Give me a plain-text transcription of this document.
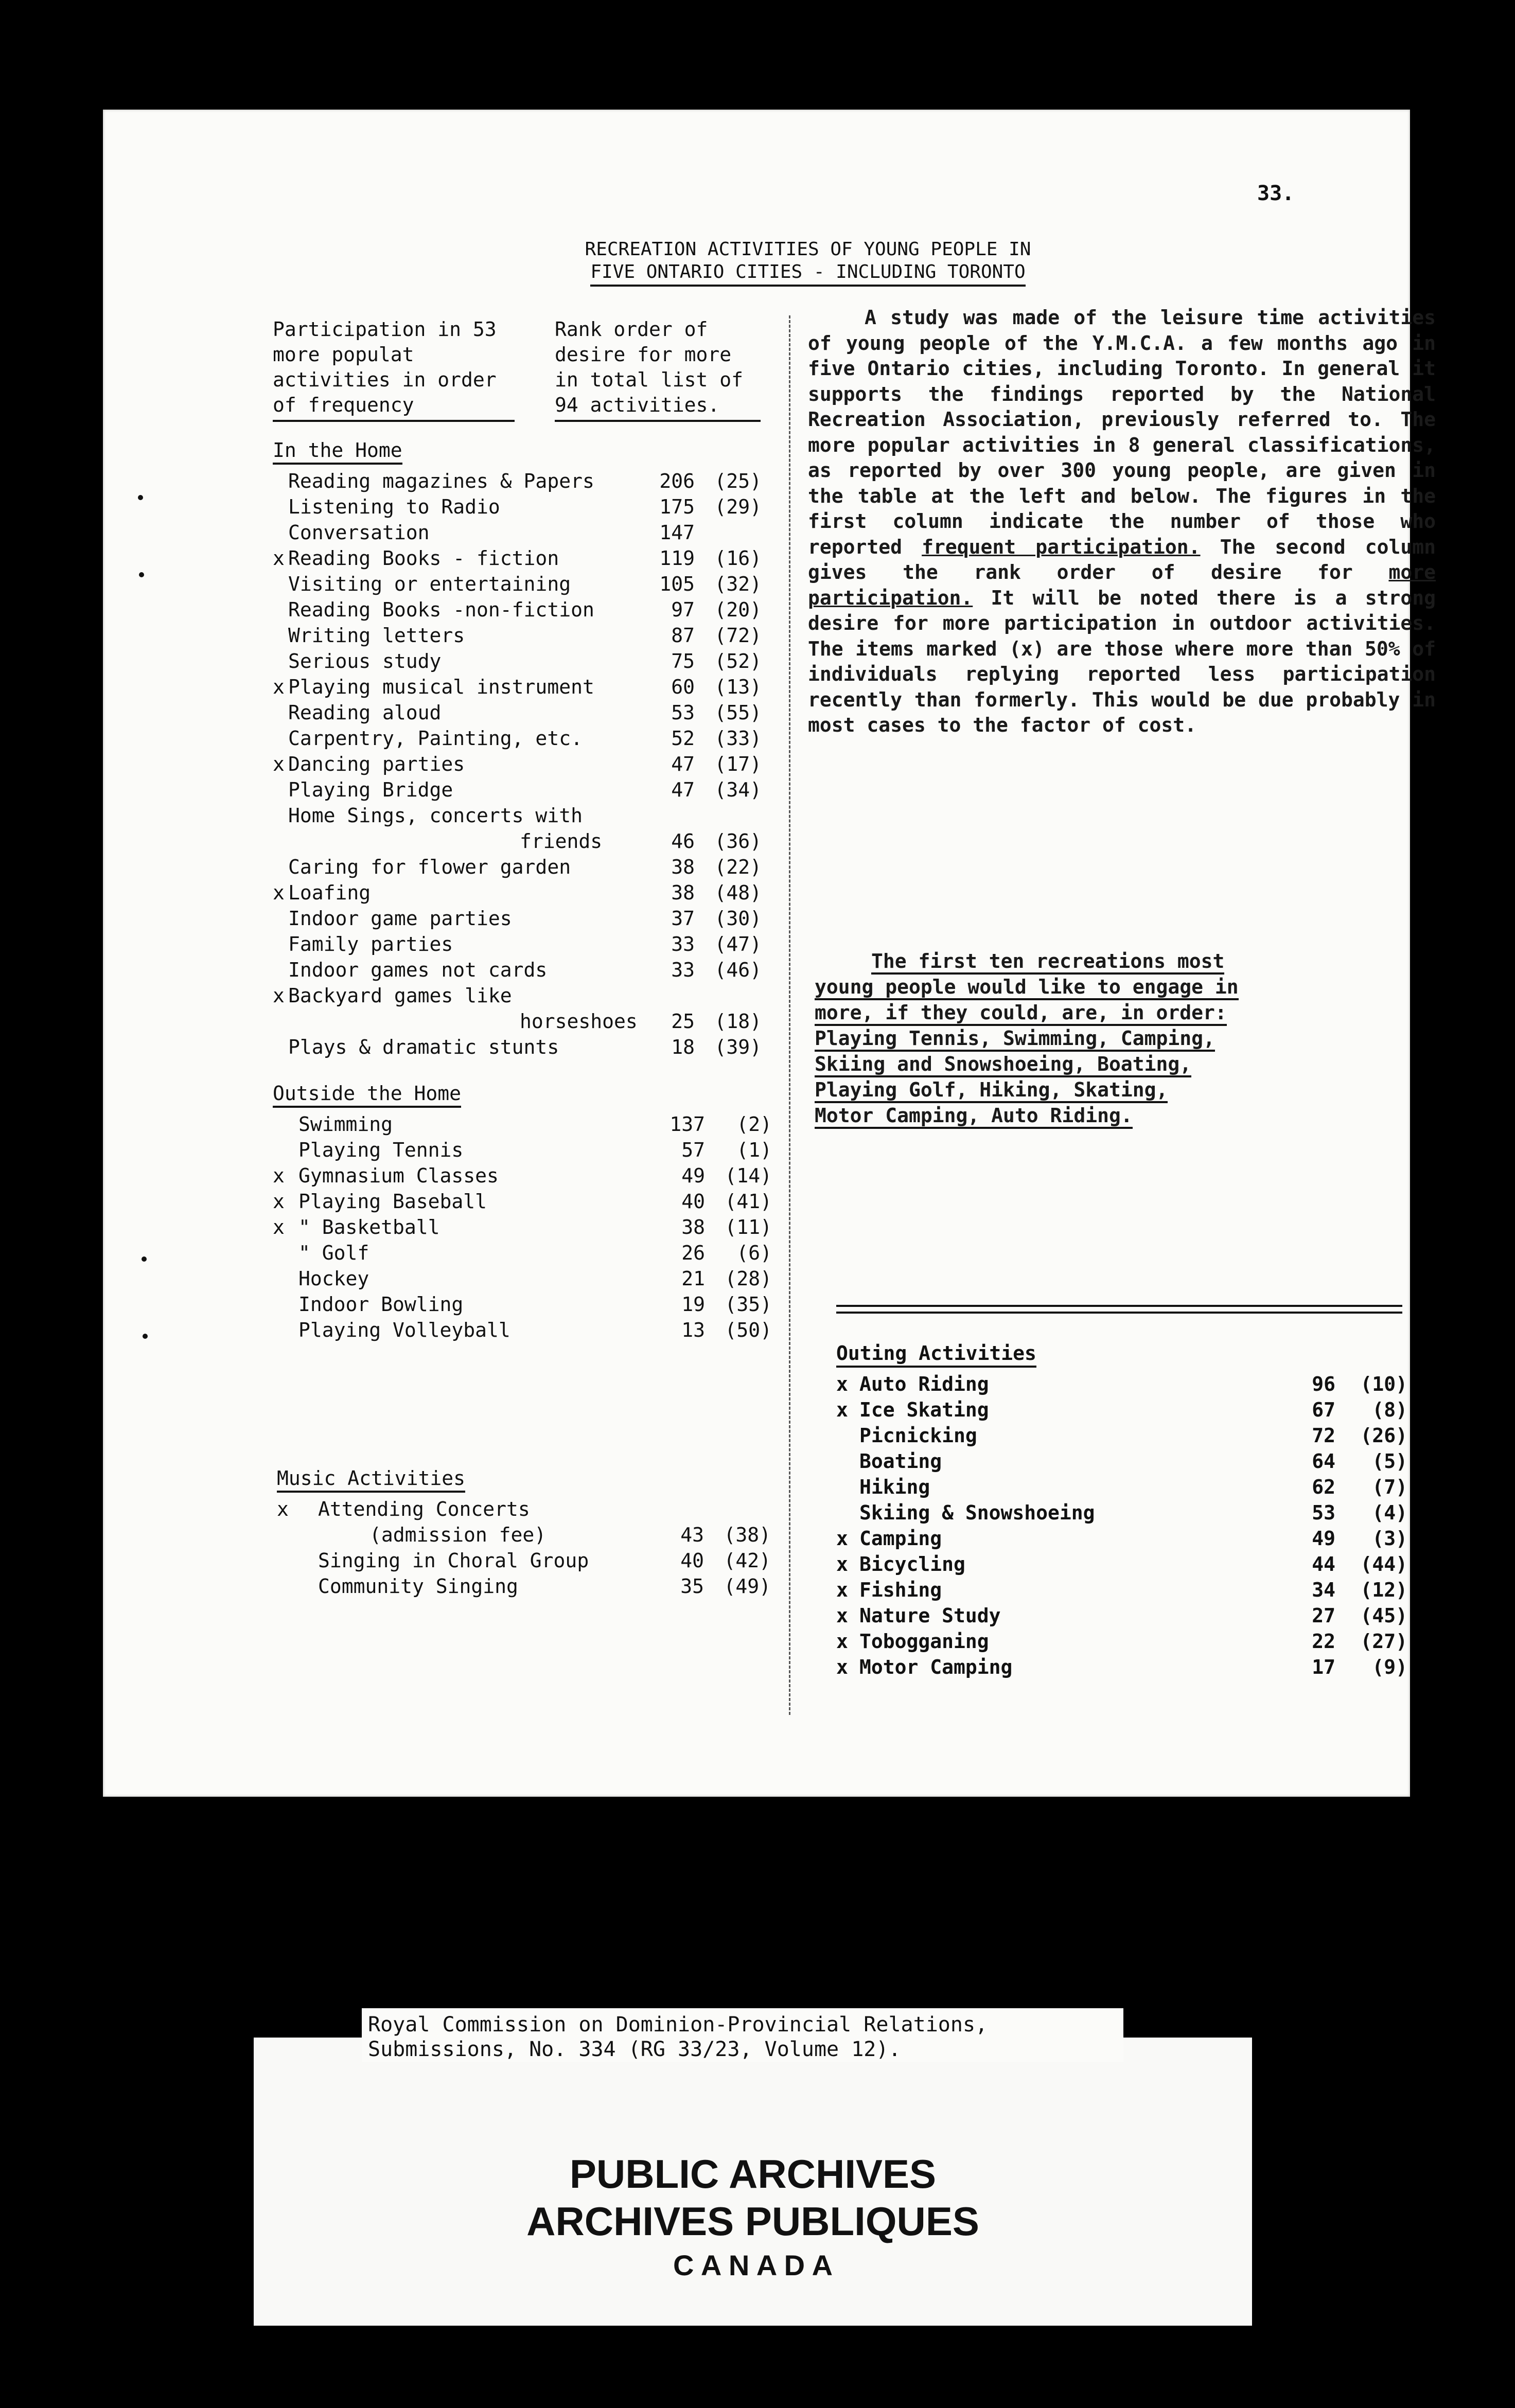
33.
RECREATION ACTIVITIES OF YOUNG PEOPLE IN
FIVE ONTARIO CITIES - INCLUDING TORONTO
Participation in 53
more populat
activities in order
of frequency
Rank order of
desire for more
in total list of
94 activities.
In the Home
Reading magazines & Papers	206	(25)
Listening to Radio	175	(29)
Conversation	147
x Reading Books - fiction	119	(16)
Visiting or entertaining	105	(32)
Reading Books -non-fiction	97	(20)
Writing letters	87	(72)
Serious study	75	(52)
x Playing musical instrument	60	(13)
Reading aloud	53	(55)
Carpentry, Painting, etc.	52	(33)
x Dancing parties	47	(17)
Playing Bridge	47	(34)
Home Sings, concerts with
friends	46	(36)
Caring for flower garden	38	(22)
x Loafing	38	(48)
Indoor game parties	37	(30)
Family parties	33	(47)
Indoor games not cards	33	(46)
x Backyard games like
horseshoes	25	(18)
Plays & dramatic stunts	18	(39)
Outside the Home
Swimming	137	(2)
Playing Tennis	57	(1)
x Gymnasium Classes	49	(14)
x Playing Baseball	40	(41)
x " Basketball	38	(11)
" Golf	26	(6)
Hockey	21	(28)
Indoor Bowling	19	(35)
Playing Volleyball	13	(50)
Music Activities
x Attending Concerts
(admission fee)	43	(38)
Singing in Choral Group	40	(42)
Community Singing	35	(49)

A study was made of the leisure time activities of young people of the Y.M.C.A. a few months ago in five Ontario cities, including Toronto. In general it supports the findings reported by the National Recreation Association, previously referred to. The more popular activities in 8 general classifications, as reported by over 300 young people, are given in the table at the left and below. The figures in the first column indicate the number of those who reported frequent participation. The second column gives the rank order of desire for more participation. It will be noted there is a strong desire for more participation in outdoor activities. The items marked (x) are those where more than 50% of individuals replying reported less participation recently than formerly. This would be due probably in most cases to the factor of cost.

The first ten recreations most
young people would like to engage in
more, if they could, are, in order:
Playing Tennis, Swimming, Camping,
Skiing and Snowshoeing, Boating,
Playing Golf, Hiking, Skating,
Motor Camping, Auto Riding.
Outing Activities
x Auto Riding	96	(10)
x Ice Skating	67	(8)
Picnicking	72	(26)
Boating	64	(5)
Hiking	62	(7)
Skiing & Snowshoeing	53	(4)
x Camping	49	(3)
x Bicycling	44	(44)
x Fishing	34	(12)
x Nature Study	27	(45)
x Tobogganing	22	(27)
x Motor Camping	17	(9)
PUBLIC ARCHIVES
ARCHIVES PUBLIQUES
C A N A D A
Royal Commission on Dominion-Provincial Relations,
Submissions, No. 334 (RG 33/23, Volume 12).
